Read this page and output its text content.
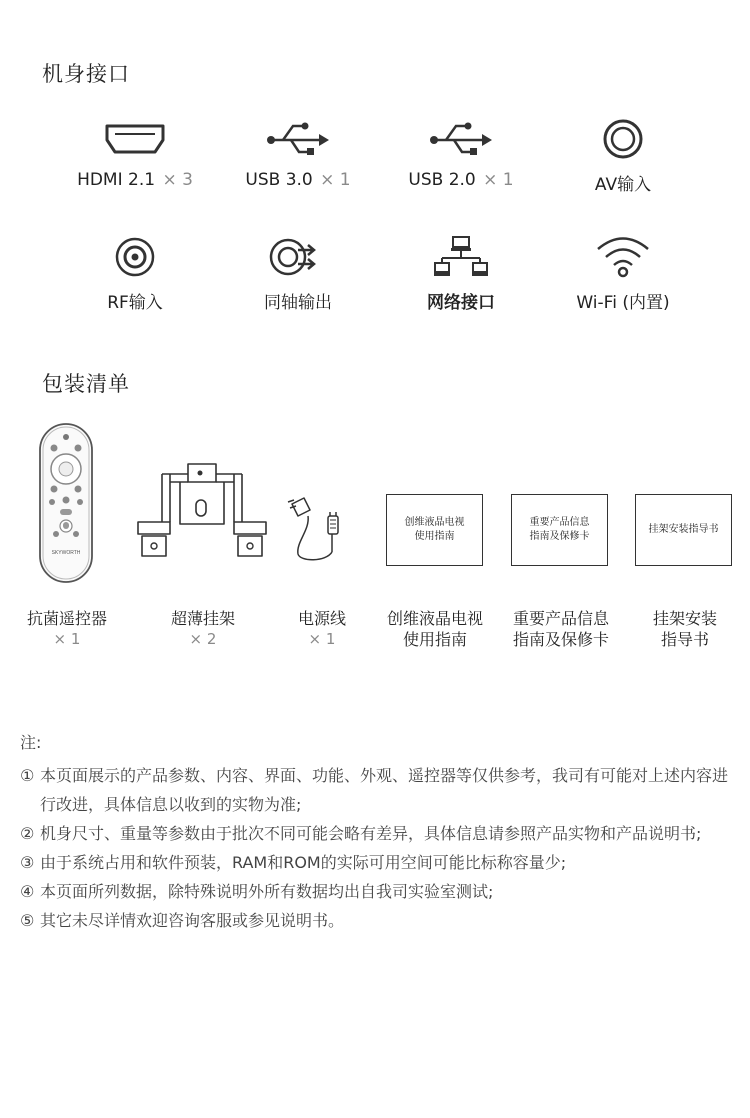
机身接口
HDMI 2.1 × 3	USB 3.0 × 1	USB 2.0 × 1	AV输入
RF输入	同轴输出	网络接口	Wi-Fi (内置)
包装清单
SKYWORTH
创维液晶电视
使用指南
重要产品信息
指南及保修卡
挂架安装指导书
抗菌遥控器
× 1
超薄挂架
× 2
电源线
× 1
创维液晶电视
使用指南
重要产品信息
指南及保修卡
挂架安装
指导书
注:
① 本页面展示的产品参数、内容、界面、功能、外观、遥控器等仅供参考，我司有可能对上述内容进行改进，具体信息以收到的实物为准;
② 机身尺寸、重量等参数由于批次不同可能会略有差异，具体信息请参照产品实物和产品说明书;
③ 由于系统占用和软件预装，RAM和ROM的实际可用空间可能比标称容量少;
④ 本页面所列数据，除特殊说明外所有数据均出自我司实验室测试;
⑤ 其它未尽详情欢迎咨询客服或参见说明书。
